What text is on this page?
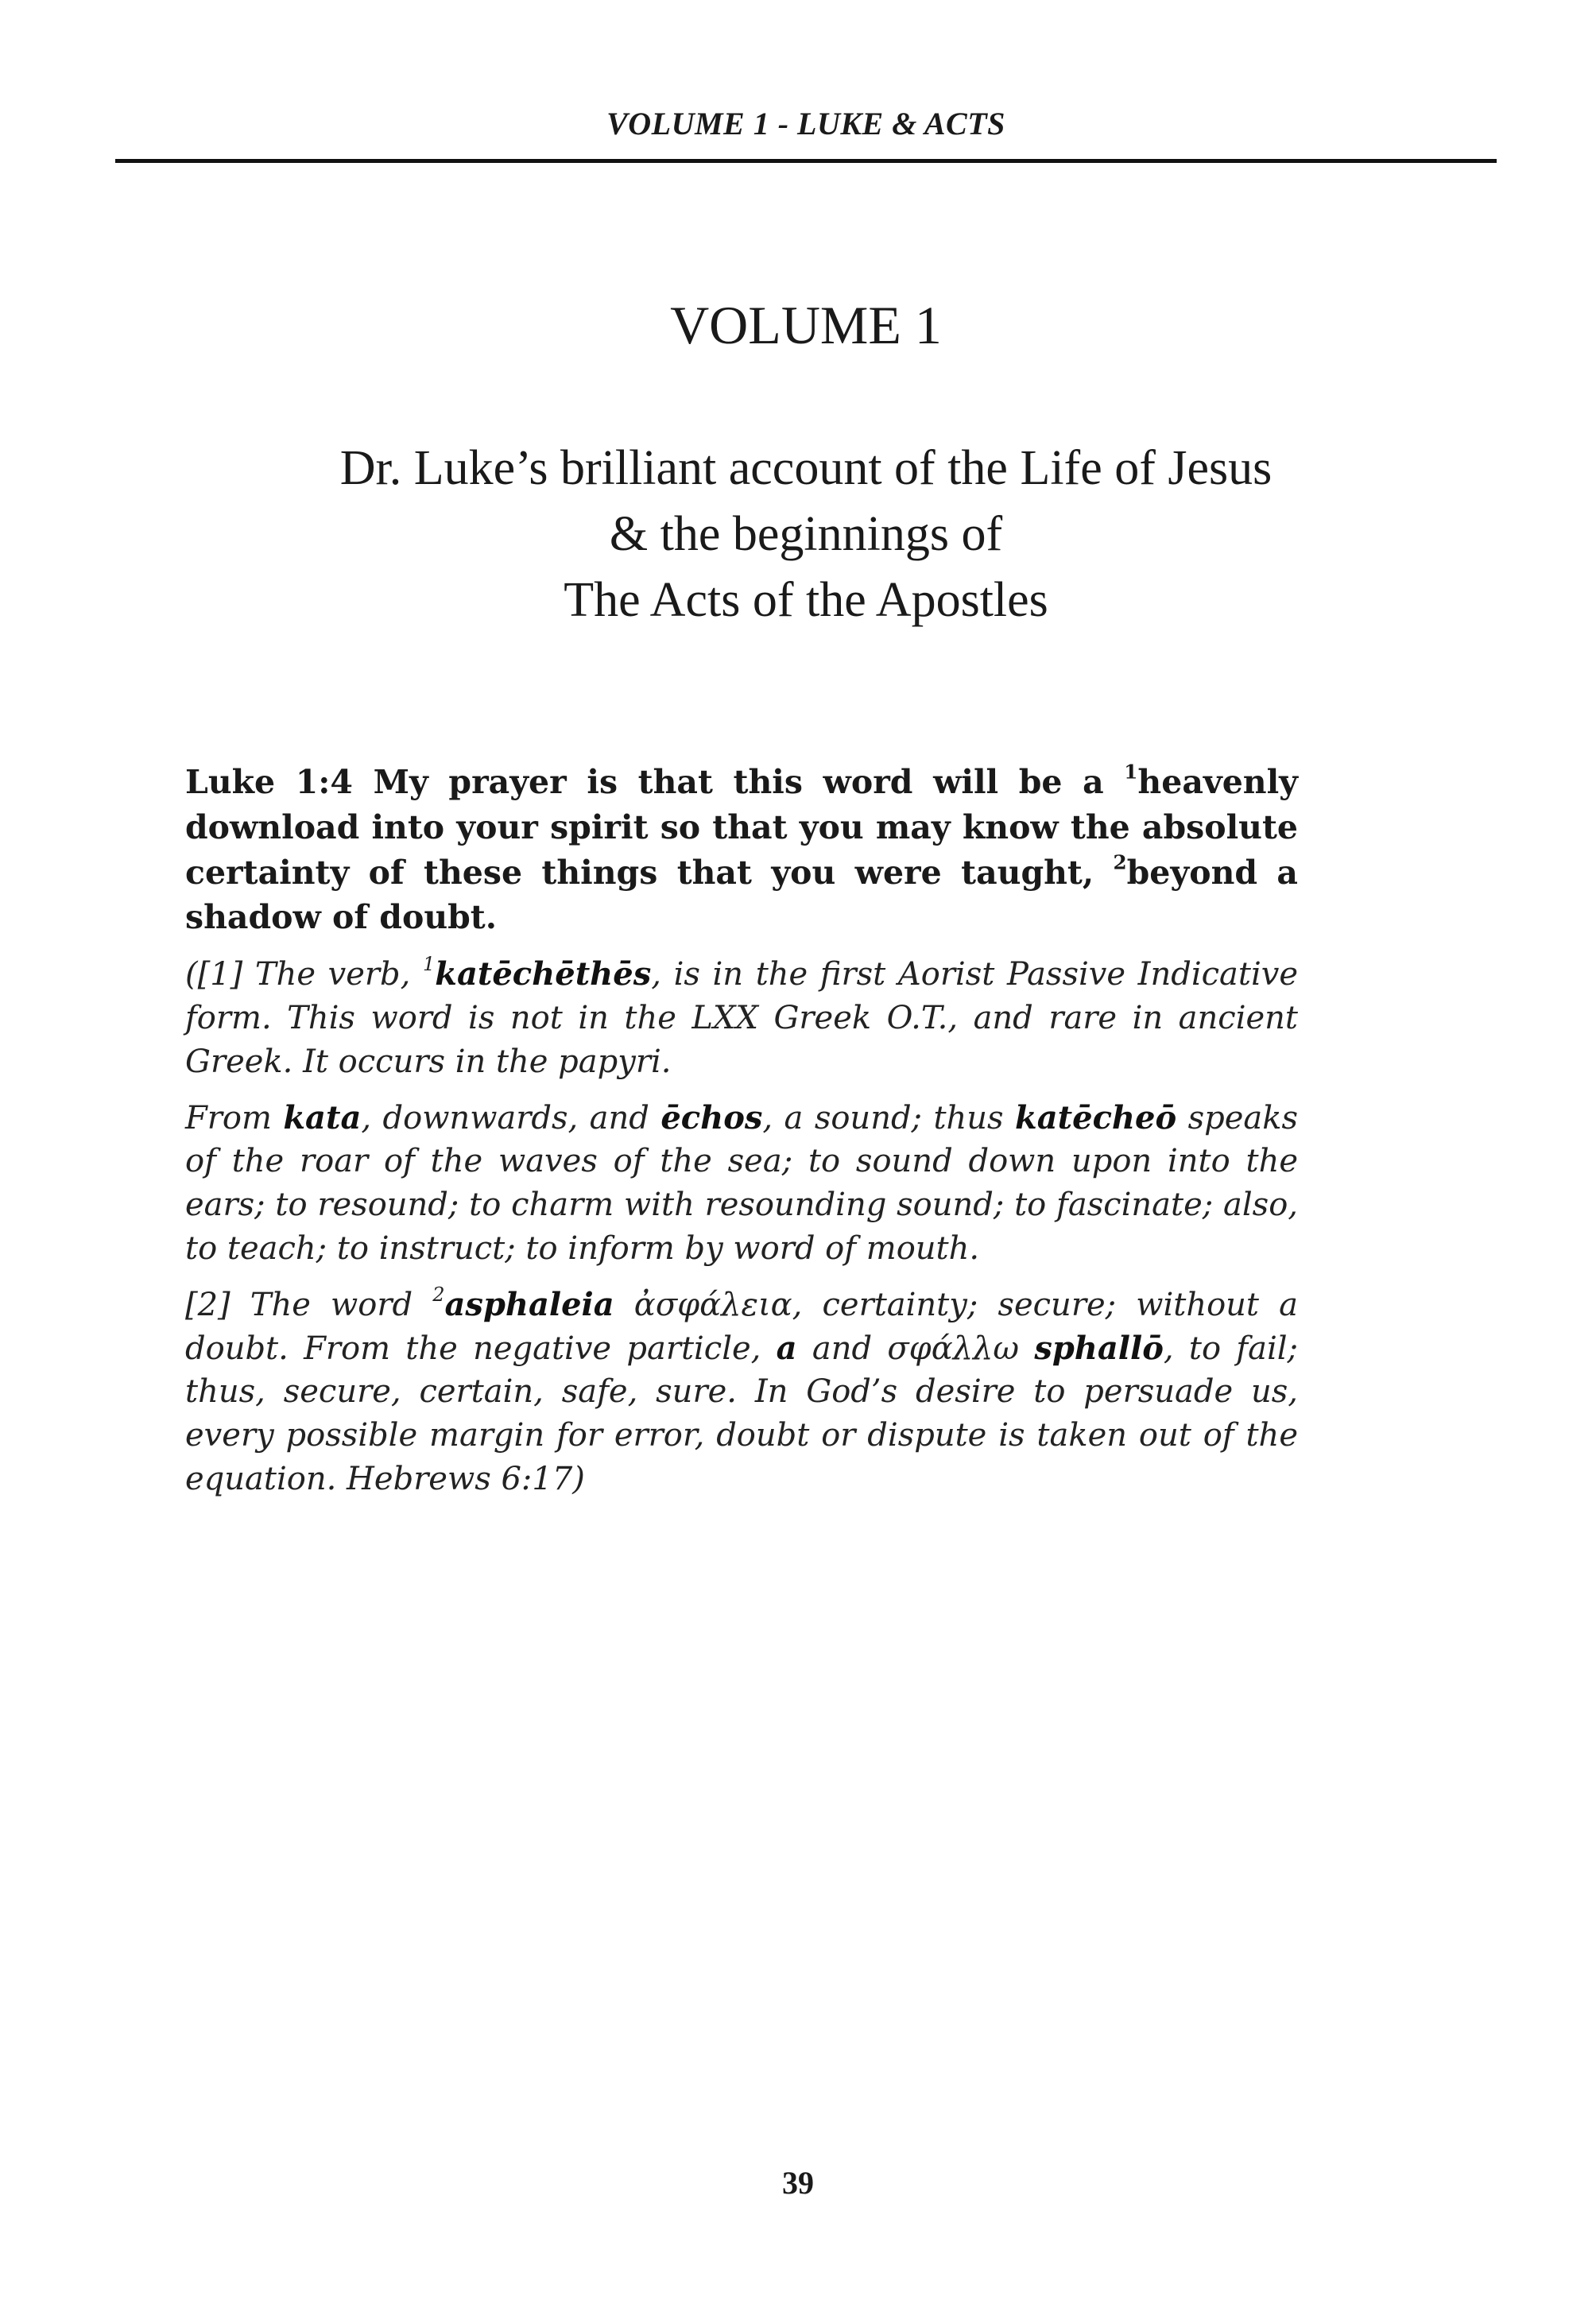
VOLUME 1 - LUKE & ACTS
VOLUME 1
Dr. Luke’s brilliant account of the Life of Jesus
& the beginnings of
The Acts of the Apostles

Luke 1:4 My prayer is that this word will be a $^1$heavenly download into your spirit so that you may know the absolute certainty of these things that you were taught, $^2$beyond a shadow of doubt.

([1] The verb, $^1$katēchēthēs, is in the first Aorist Passive Indicative form. This word is not in the LXX Greek O.T., and rare in ancient Greek. It occurs in the papyri.

From kata, downwards, and ēchos, a sound; thus katēcheō speaks of the roar of the waves of the sea; to sound down upon into the ears; to resound; to charm with resounding sound; to fascinate; also, to teach; to instruct; to inform by word of mouth.

[2] The word $^2$asphaleia ἀσφάλεια, certainty; secure; without a doubt. From the negative particle, a and σφάλλω sphallō, to fail; thus, secure, certain, safe, sure. In God’s desire to persuade us, every possible margin for error, doubt or dispute is taken out of the equation. Hebrews 6:17)

39
